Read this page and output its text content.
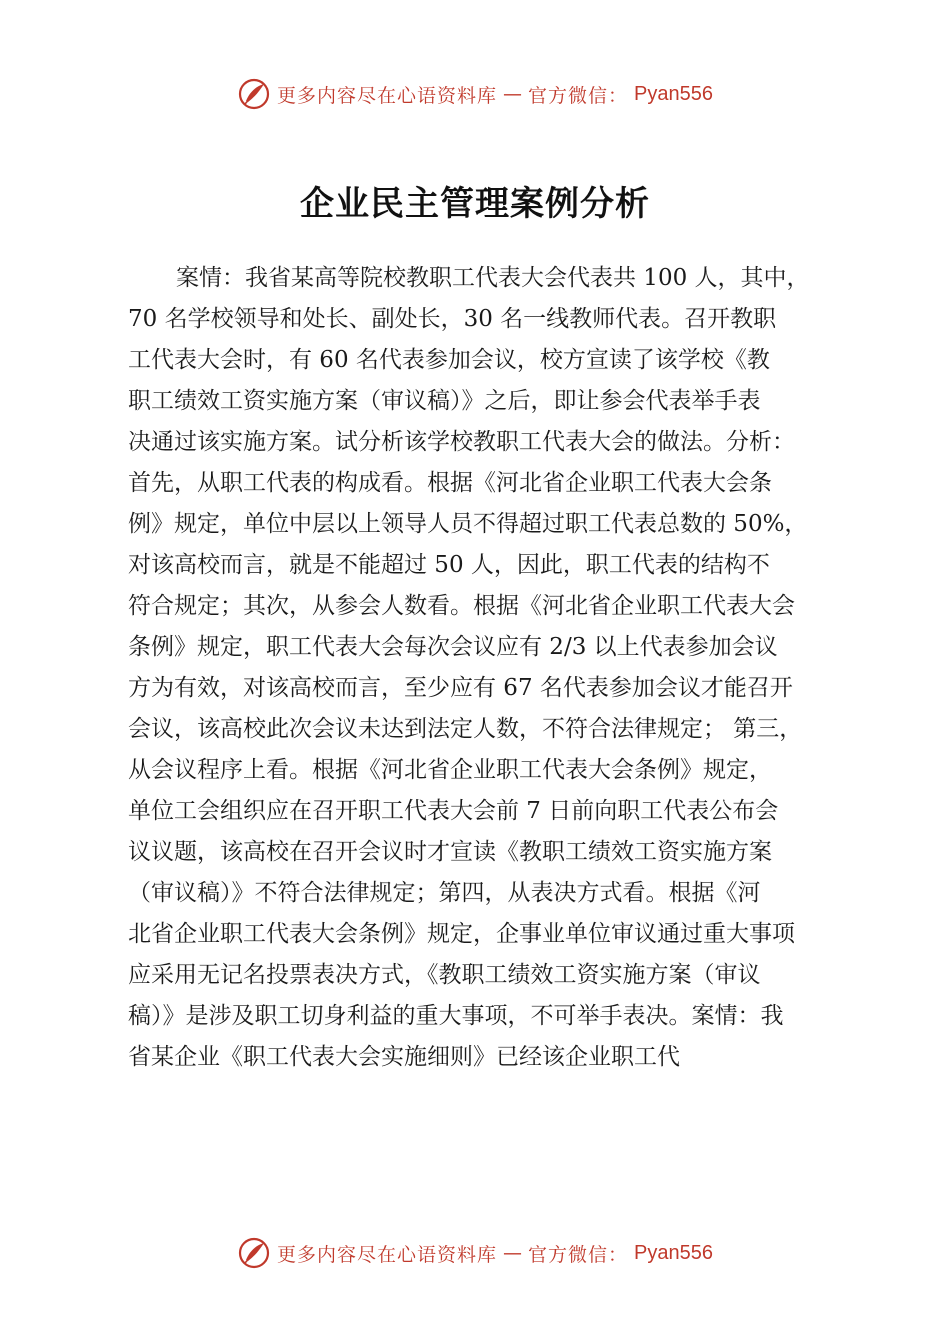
更多内容尽在心语资料库 — 官方微信： Pyan556
企业民主管理案例分析
案情：我省某高等院校教职工代表大会代表共 100 人，其中，
70 名学校领导和处长、副处长，30 名一线教师代表。召开教职
工代表大会时，有 60 名代表参加会议，校方宣读了该学校《教
职工绩效工资实施方案（审议稿）》之后，即让参会代表举手表
决通过该实施方案。试分析该学校教职工代表大会的做法。分析：
首先，从职工代表的构成看。根据《河北省企业职工代表大会条
例》规定，单位中层以上领导人员不得超过职工代表总数的 50%，
对该高校而言，就是不能超过 50 人，因此，职工代表的结构不
符合规定；其次，从参会人数看。根据《河北省企业职工代表大会
条例》规定，职工代表大会每次会议应有 2/3 以上代表参加会议
方为有效，对该高校而言，至少应有 67 名代表参加会议才能召开
会议，该高校此次会议未达到法定人数，不符合法律规定； 第三，
从会议程序上看。根据《河北省企业职工代表大会条例》规定，
单位工会组织应在召开职工代表大会前 7 日前向职工代表公布会
议议题，该高校在召开会议时才宣读《教职工绩效工资实施方案
（审议稿）》不符合法律规定；第四，从表决方式看。根据《河
北省企业职工代表大会条例》规定，企事业单位审议通过重大事项
应采用无记名投票表决方式，《教职工绩效工资实施方案（审议
稿）》是涉及职工切身利益的重大事项，不可举手表决。案情：我
省某企业《职工代表大会实施细则》已经该企业职工代
更多内容尽在心语资料库 — 官方微信： Pyan556
